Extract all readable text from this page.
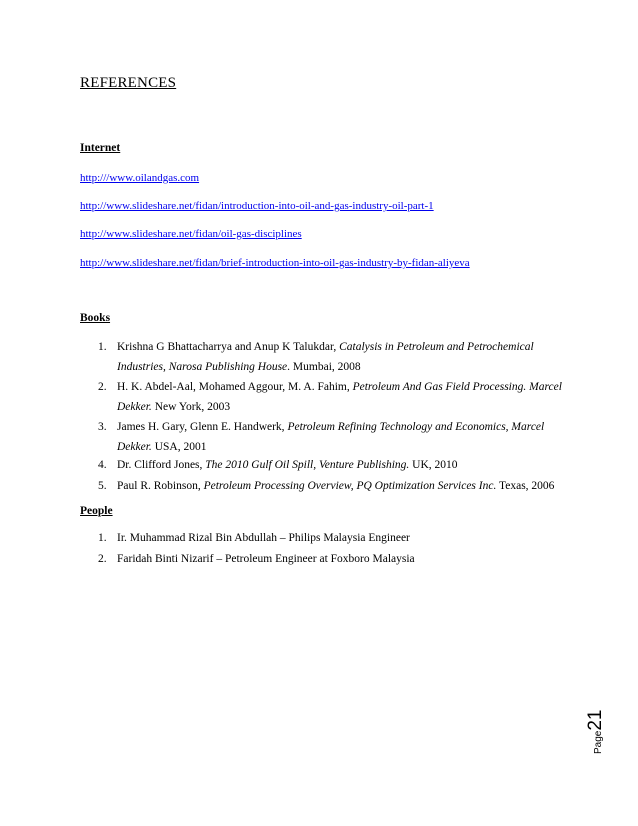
REFERENCES
Internet
http:///www.oilandgas.com
http://www.slideshare.net/fidan/introduction-into-oil-and-gas-industry-oil-part-1
http://www.slideshare.net/fidan/oil-gas-disciplines
http://www.slideshare.net/fidan/brief-introduction-into-oil-gas-industry-by-fidan-aliyeva
Books
1. Krishna G Bhattacharrya and Anup K Talukdar, Catalysis in Petroleum and Petrochemical Industries, Narosa Publishing House. Mumbai, 2008
2. H. K. Abdel-Aal, Mohamed Aggour, M. A. Fahim, Petroleum And Gas Field Processing. Marcel Dekker. New York, 2003
3. James H. Gary, Glenn E. Handwerk, Petroleum Refining Technology and Economics, Marcel Dekker. USA, 2001
4. Dr. Clifford Jones, The 2010 Gulf Oil Spill, Venture Publishing. UK, 2010
5. Paul R. Robinson, Petroleum Processing Overview, PQ Optimization Services Inc. Texas, 2006
People
1. Ir. Muhammad Rizal Bin Abdullah – Philips Malaysia Engineer
2. Faridah Binti Nizarif – Petroleum Engineer at Foxboro Malaysia
Page21
